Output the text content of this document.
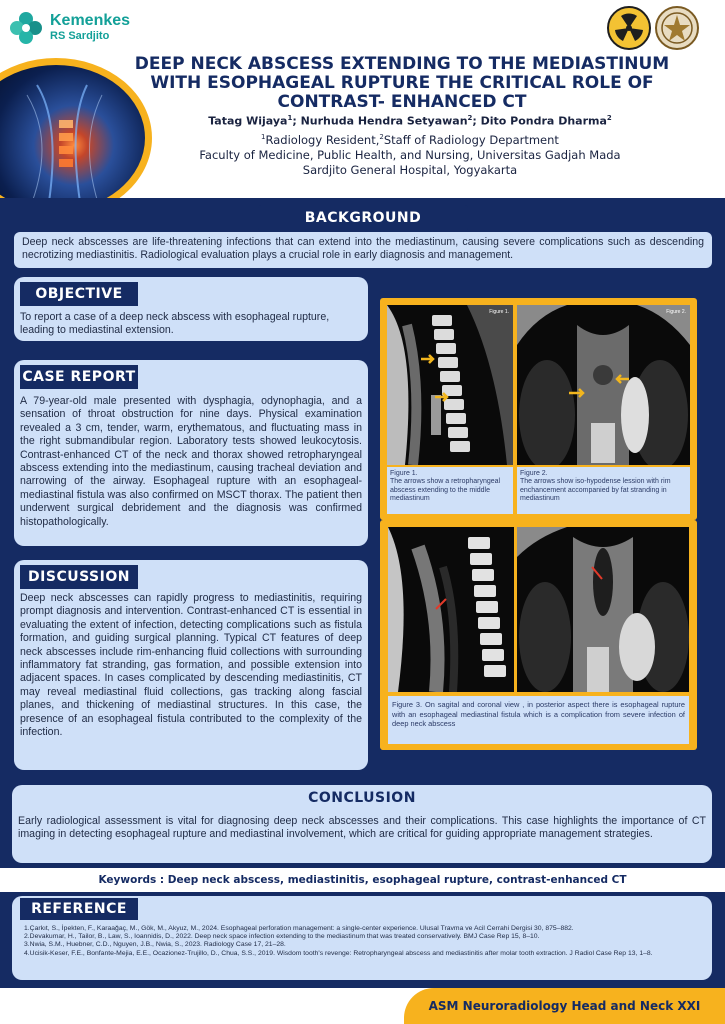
Kemenkes
RS Sardjito
DEEP NECK ABSCESS EXTENDING TO THE MEDIASTINUM
WITH ESOPHAGEAL RUPTURE THE CRITICAL ROLE OF
CONTRAST- ENHANCED CT
Tatag Wijaya$^1$; Nurhuda Hendra Setyawan$^2$; Dito Pondra Dharma$^2$
$^1$Radiology Resident,$^2$Staff of Radiology Department
Faculty of Medicine, Public Health, and Nursing, Universitas Gadjah Mada
Sardjito General Hospital, Yogyakarta
BACKGROUND
Deep neck abscesses are life-threatening infections that can extend into the mediastinum, causing severe complications such as descending necrotizing mediastinitis. Radiological evaluation plays a crucial role in early diagnosis and management.
OBJECTIVE
To report a case of a deep neck abscess with esophageal rupture, leading to mediastinal extension.
CASE REPORT
A 79-year-old male presented with dysphagia, odynophagia, and a sensation of throat obstruction for nine days. Physical examination revealed a 3 cm, tender, warm, erythematous, and fluctuating mass in the right submandibular region. Laboratory tests showed leukocytosis. Contrast-enhanced CT of the neck and thorax showed retropharyngeal abscess extending into the mediastinum, causing tracheal deviation and narrowing of the airway. Esophageal rupture with an esophageal-mediastinal fistula was also confirmed on MSCT thorax. The patient then underwent surgical debridement and the diagnosis was confirmed histopathologically.
DISCUSSION
Deep neck abscesses can rapidly progress to mediastinitis, requiring prompt diagnosis and intervention. Contrast-enhanced CT is essential in evaluating the extent of infection, detecting complications such as fistula formation, and guiding surgical planning. Typical CT features of deep neck abscesses include rim-enhancing fluid collections with surrounding inflammatory fat stranding, gas formation, and possible extension into adjacent spaces. In cases complicated by descending mediastinitis, CT may reveal mediastinal fluid collections, gas tracking along fascial planes, and thickening of mediastinal structures. In this case, the presence of an esophageal fistula contributed to the complexity of the infection.
Figure 1.	Figure 2.
Figure 1.
The arrows show a retropharyngeal abscess extending to the middle mediastinum
Figure 2.
The arrows show iso-hypodense lession with rim enchancement accompanied by fat stranding in mediastinum
Figure 3. On sagital and coronal view , in posterior aspect there is esophageal rupture with an esophageal mediastinal fistula which is a complication from severe infection of deep neck abscess
CONCLUSION
Early radiological assessment is vital for diagnosing deep neck abscesses and their complications. This case highlights the importance of CT imaging in detecting esophageal rupture and mediastinal involvement, which are critical for guiding appropriate management strategies.
Keywords : Deep neck abscess, mediastinitis, esophageal rupture, contrast-enhanced CT
REFERENCE
1.Çarkıt, S., İpekten, F., Karaağaç, M., Gök, M., Akyuz, M., 2024. Esophageal perforation management: a single-center experience. Ulusal Travma ve Acil Cerrahi Dergisi 30, 875–882.
2.Devakumar, H., Tailor, B., Law, S., Ioannidis, D., 2022. Deep neck space infection extending to the mediastinum that was treated conservatively. BMJ Case Rep 15, 8–10.
3.Nwia, S.M., Huebner, C.D., Nguyen, J.B., Nwia, S., 2023. Radiology Case 17, 21–28.
4.Ucisik-Keser, F.E., Bonfante-Mejia, E.E., Ocazionez-Trujillo, D., Chua, S.S., 2019. Wisdom tooth's revenge: Retropharyngeal abscess and mediastinitis after molar tooth extraction. J Radiol Case Rep 13, 1–8.
ASM Neuroradiology Head and Neck XXI
